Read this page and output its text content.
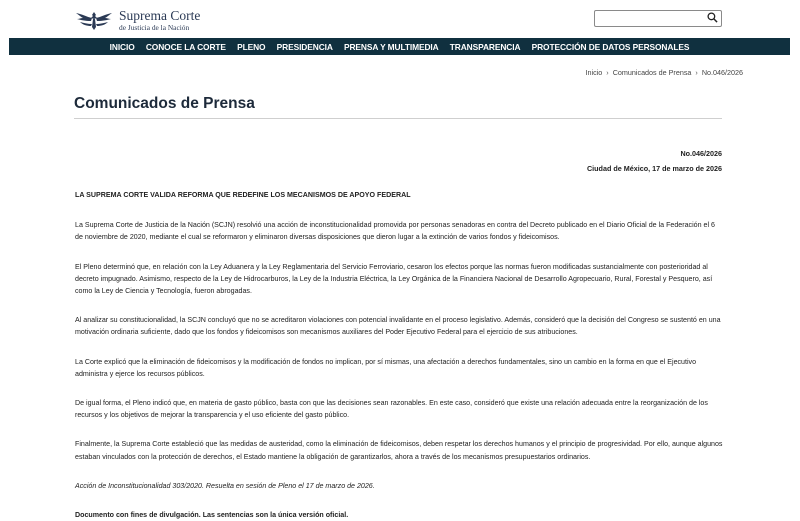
Suprema Corte
de Justicia de la Nación
INICIO	CONOCE LA CORTE	PLENO	PRESIDENCIA	PRENSA Y MULTIMEDIA	TRANSPARENCIA	PROTECCIÓN DE DATOS PERSONALES
Inicio › Comunicados de Prensa › No.046/2026
Comunicados de Prensa
No.046/2026
Ciudad de México, 17 de marzo de 2026

LA SUPREMA CORTE VALIDA REFORMA QUE REDEFINE LOS MECANISMOS DE APOYO FEDERAL

La Suprema Corte de Justicia de la Nación (SCJN) resolvió una acción de inconstitucionalidad promovida por personas senadoras en contra del Decreto publicado en el Diario Oficial de la Federación el 6 de noviembre de 2020, mediante el cual se reformaron y eliminaron diversas disposiciones que dieron lugar a la extinción de varios fondos y fideicomisos.

El Pleno determinó que, en relación con la Ley Aduanera y la Ley Reglamentaria del Servicio Ferroviario, cesaron los efectos porque las normas fueron modificadas sustancialmente con posterioridad al decreto impugnado. Asimismo, respecto de la Ley de Hidrocarburos, la Ley de la Industria Eléctrica, la Ley Orgánica de la Financiera Nacional de Desarrollo Agropecuario, Rural, Forestal y Pesquero, así como la Ley de Ciencia y Tecnología, fueron abrogadas.

Al analizar su constitucionalidad, la SCJN concluyó que no se acreditaron violaciones con potencial invalidante en el proceso legislativo. Además, consideró que la decisión del Congreso se sustentó en una motivación ordinaria suficiente, dado que los fondos y fideicomisos son mecanismos auxiliares del Poder Ejecutivo Federal para el ejercicio de sus atribuciones.

La Corte explicó que la eliminación de fideicomisos y la modificación de fondos no implican, por sí mismas, una afectación a derechos fundamentales, sino un cambio en la forma en que el Ejecutivo administra y ejerce los recursos públicos.

De igual forma, el Pleno indicó que, en materia de gasto público, basta con que las decisiones sean razonables. En este caso, consideró que existe una relación adecuada entre la reorganización de los recursos y los objetivos de mejorar la transparencia y el uso eficiente del gasto público.

Finalmente, la Suprema Corte estableció que las medidas de austeridad, como la eliminación de fideicomisos, deben respetar los derechos humanos y el principio de progresividad. Por ello, aunque algunos estaban vinculados con la protección de derechos, el Estado mantiene la obligación de garantizarlos, ahora a través de los mecanismos presupuestarios ordinarios.

Acción de Inconstitucionalidad 303/2020. Resuelta en sesión de Pleno el 17 de marzo de 2026.

Documento con fines de divulgación. Las sentencias son la única versión oficial.
